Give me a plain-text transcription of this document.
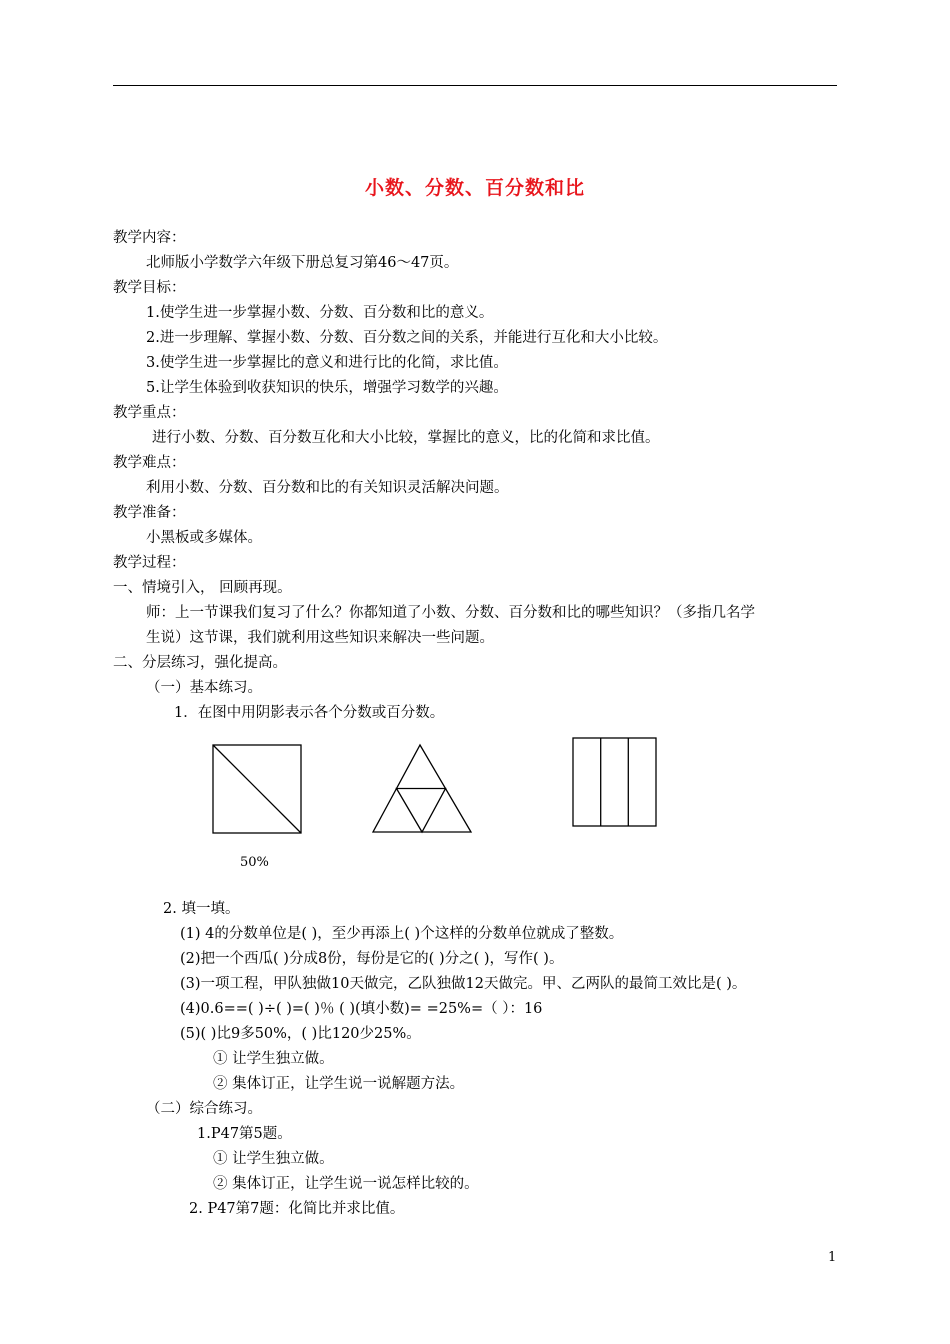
小数、分数、百分数和比
教学内容：
北师版小学数学六年级下册总复习第46～47页。
教学目标：
1.使学生进一步掌握小数、分数、百分数和比的意义。
2.进一步理解、掌握小数、分数、百分数之间的关系，并能进行互化和大小比较。
3.使学生进一步掌握比的意义和进行比的化简，求比值。
5.让学生体验到收获知识的快乐，增强学习数学的兴趣。
教学重点：
进行小数、分数、百分数互化和大小比较，掌握比的意义，比的化简和求比值。
教学难点：
利用小数、分数、百分数和比的有关知识灵活解决问题。
教学准备：
小黑板或多媒体。
教学过程：
一、情境引入， 回顾再现。
师：上一节课我们复习了什么？你都知道了小数、分数、百分数和比的哪些知识？（多指几名学
生说）这节课，我们就利用这些知识来解决一些问题。
二、分层练习，强化提高。
（一）基本练习。
1．在图中用阴影表示各个分数或百分数。
50%
2. 填一填。
(1) 4的分数单位是( )，至少再添上( )个这样的分数单位就成了整数。
(2)把一个西瓜( )分成8份，每份是它的( )分之( )，写作( )。
(3)一项工程，甲队独做10天做完，乙队独做12天做完。甲、乙两队的最简工效比是( )。
(4)0.6==( )÷( )=( )％ ( )(填小数)= =25%=（ ）：16
(5)( )比9多50%，( )比120少25%。
① 让学生独立做。
② 集体订正，让学生说一说解题方法。
（二）综合练习。
1.P47第5题。
① 让学生独立做。
② 集体订正，让学生说一说怎样比较的。
2. P47第7题：化简比并求比值。
1
